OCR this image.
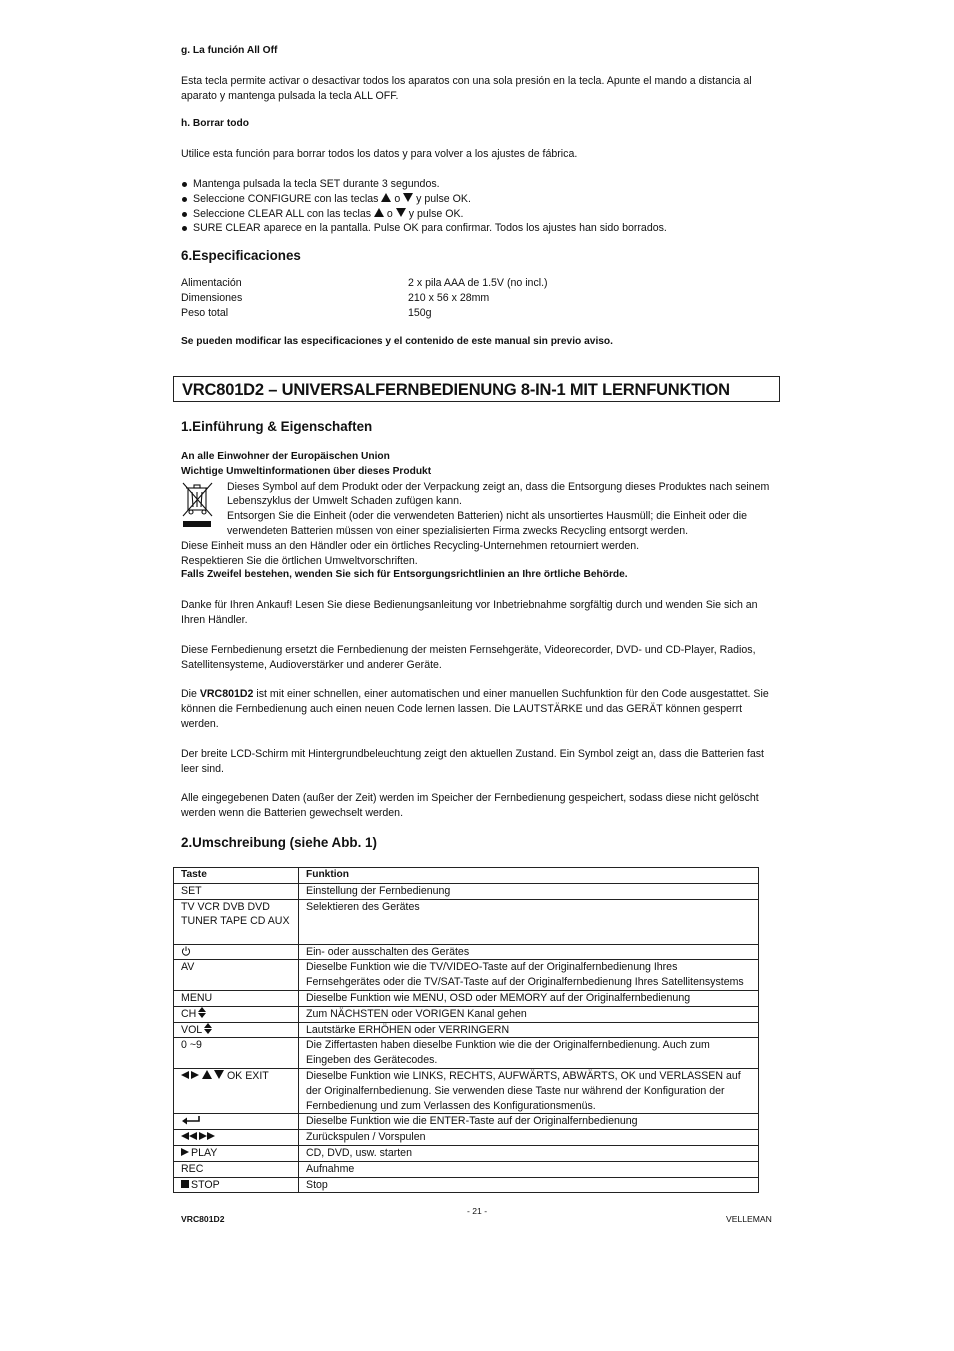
g. La función All Off

Esta tecla permite activar o desactivar todos los aparatos con una sola presión en la tecla. Apunte el mando a distancia al aparato y mantenga pulsada la tecla ALL OFF.

h. Borrar todo

Utilice esta función para borrar todos los datos y para volver a los ajustes de fábrica.

Mantenga pulsada la tecla SET durante 3 segundos.
Seleccione CONFIGURE con las teclas  o  y pulse OK.
Seleccione CLEAR ALL con las teclas  o  y pulse OK.
SURE CLEAR aparece en la pantalla. Pulse OK para confirmar. Todos los ajustes han sido borrados.
6.Especificaciones
Alimentación	2 x pila AAA de 1.5V (no incl.)
Dimensiones	210 x 56 x 28mm
Peso total	150g

Se pueden modificar las especificaciones y el contenido de este manual sin previo aviso.

VRC801D2 – UNIVERSALFERNBEDIENUNG 8-IN-1 MIT LERNFUNKTION
1.Einführung & Eigenschaften

An alle Einwohner der Europäischen Union

Wichtige Umweltinformationen über dieses Produkt

Dieses Symbol auf dem Produkt oder der Verpackung zeigt an, dass die Entsorgung dieses Produktes nach seinem Lebenszyklus der Umwelt Schaden zufügen kann.

Entsorgen Sie die Einheit (oder die verwendeten Batterien) nicht als unsortiertes Hausmüll; die Einheit oder die verwendeten Batterien müssen von einer spezialisierten Firma zwecks Recycling entsorgt werden.

Diese Einheit muss an den Händler oder ein örtliches Recycling-Unternehmen retourniert werden.

Respektieren Sie die örtlichen Umweltvorschriften.

Falls Zweifel bestehen, wenden Sie sich für Entsorgungsrichtlinien an Ihre örtliche Behörde.

Danke für Ihren Ankauf! Lesen Sie diese Bedienungsanleitung vor Inbetriebnahme sorgfältig durch und wenden Sie sich an Ihren Händler.

Diese Fernbedienung ersetzt die Fernbedienung der meisten Fernsehgeräte, Videorecorder, DVD- und CD-Player, Radios, Satellitensysteme, Audioverstärker und anderer Geräte.

Die VRC801D2 ist mit einer schnellen, einer automatischen und einer manuellen Suchfunktion für den Code ausgestattet. Sie können die Fernbedienung auch einen neuen Code lernen lassen. Die LAUTSTÄRKE und das GERÄT können gesperrt werden.

Der breite LCD-Schirm mit Hintergrundbeleuchtung zeigt den aktuellen Zustand. Ein Symbol zeigt an, dass die Batterien fast leer sind.

Alle eingegebenen Daten (außer der Zeit) werden im Speicher der Fernbedienung gespeichert, sodass diese nicht gelöscht werden wenn die Batterien gewechselt werden.

2.Umschreibung (siehe Abb. 1)
Taste	Funktion
SET	Einstellung der Fernbedienung
TV VCR DVB DVD TUNER TAPE CD AUX	Selektieren des Gerätes
	Ein- oder ausschalten des Gerätes
AV	Dieselbe Funktion wie die TV/VIDEO-Taste auf der Originalfernbedienung Ihres Fernsehgerätes oder die TV/SAT-Taste auf der Originalfernbedienung Ihres Satellitensystems
MENU	Dieselbe Funktion wie MENU, OSD oder MEMORY auf der Originalfernbedienung
CH	Zum NÄCHSTEN oder VORIGEN Kanal gehen
VOL	Lautstärke ERHÖHEN oder VERRINGERN
0 ~9	Die Ziffertasten haben dieselbe Funktion wie die der Originalfernbedienung. Auch zum Eingeben des Gerätecodes.
OK EXIT	Dieselbe Funktion wie LINKS, RECHTS, AUFWÄRTS, ABWÄRTS, OK und VERLASSEN auf der Originalfernbedienung. Sie verwenden diese Taste nur während der Konfiguration der Fernbedienung und zum Verlassen des Konfigurationsmenüs.
	Dieselbe Funktion wie die ENTER-Taste auf der Originalfernbedienung
	Zurückspulen / Vorspulen
PLAY	CD, DVD, usw. starten
REC	Aufnahme
STOP	Stop
VRC801D2
- 21 -
VELLEMAN
